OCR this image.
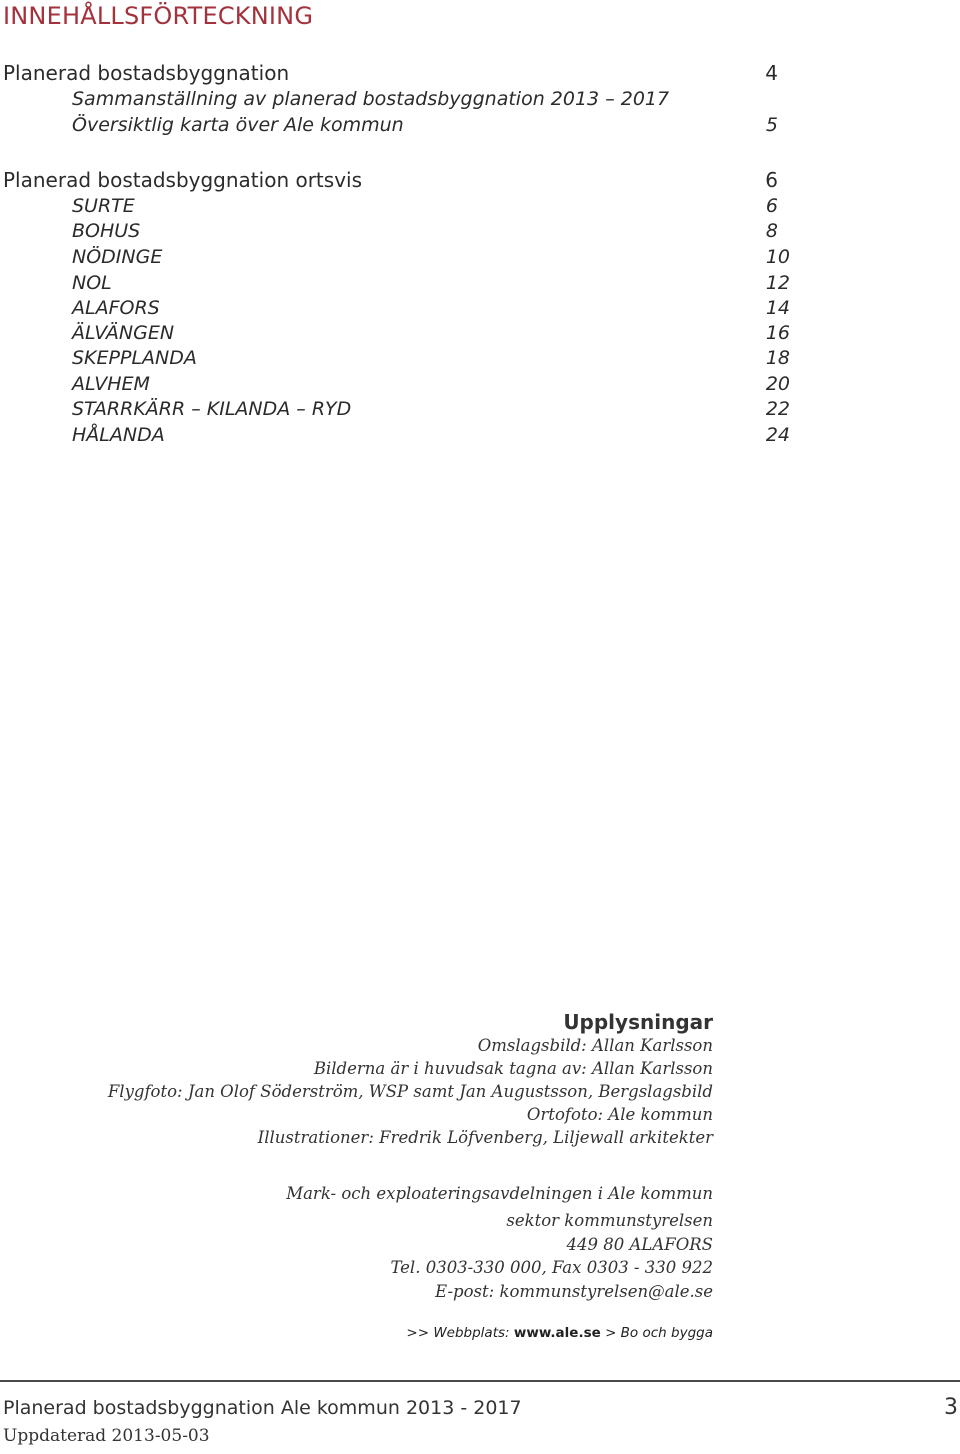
INNEHÅLLSFÖRTECKNING
Planerad bostadsbyggnation	4
Sammanställning av planerad bostadsbyggnation 2013 – 2017
Översiktlig karta över Ale kommun	5
Planerad bostadsbyggnation ortsvis	6
SURTE	6
BOHUS	8
NÖDINGE	10
NOL	12
ALAFORS	14
ÄLVÄNGEN	16
SKEPPLANDA	18
ALVHEM	20
STARRKÄRR – KILANDA – RYD	22
HÅLANDA	24
Upplysningar
Omslagsbild: Allan Karlsson
Bilderna är i huvudsak tagna av: Allan Karlsson
Flygfoto: Jan Olof Söderström, WSP samt Jan Augustsson, Bergslagsbild
Ortofoto: Ale kommun
Illustrationer: Fredrik Löfvenberg, Liljewall arkitekter
Mark- och exploateringsavdelningen i Ale kommun
sektor kommunstyrelsen
449 80 ALAFORS
Tel. 0303-330 000, Fax 0303 - 330 922
E-post: kommunstyrelsen@ale.se
>> Webbplats: www.ale.se > Bo och bygga
Planerad bostadsbyggnation Ale kommun 2013 - 2017	3
Uppdaterad 2013-05-03
